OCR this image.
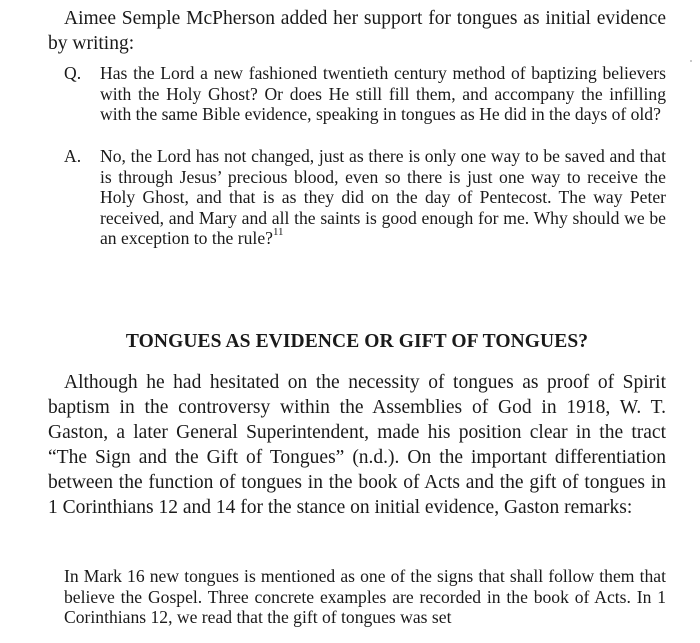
Aimee Semple McPherson added her support for tongues as initial evidence by writing:

Q.	Has the Lord a new fashioned twentieth century method of baptizing believers with the Holy Ghost? Or does He still fill them, and accompany the infilling with the same Bible evidence, speaking in tongues as He did in the days of old?
A.	No, the Lord has not changed, just as there is only one way to be saved and that is through Jesus’ precious blood, even so there is just one way to receive the Holy Ghost, and that is as they did on the day of Pentecost. The way Peter received, and Mary and all the saints is good enough for me. Why should we be an exception to the rule?$^{11}$
TONGUES AS EVIDENCE OR GIFT OF TONGUES?

Although he had hesitated on the necessity of tongues as proof of Spirit baptism in the controversy within the Assemblies of God in 1918, W. T. Gaston, a later General Superintendent, made his position clear in the tract “The Sign and the Gift of Tongues” (n.d.). On the important differentiation between the function of tongues in the book of Acts and the gift of tongues in 1 Corinthians 12 and 14 for the stance on initial evidence, Gaston remarks:

In Mark 16 new tongues is mentioned as one of the signs that shall follow them that believe the Gospel. Three concrete examples are recorded in the book of Acts. In 1 Corinthians 12, we read that the gift of tongues was set
